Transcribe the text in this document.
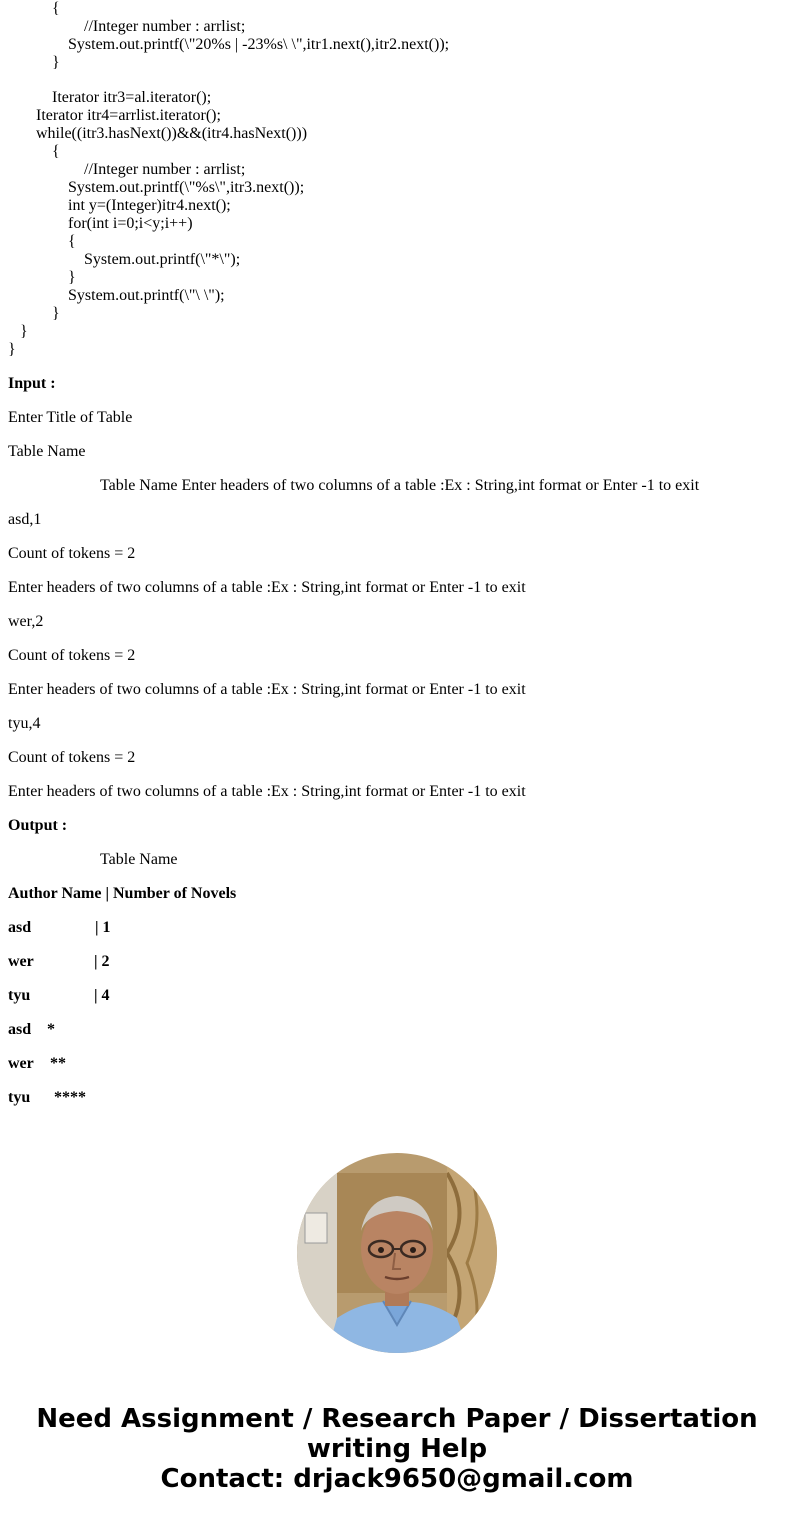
{
//Integer number : arrlist;
System.out.printf(\"20%s | -23%s\ \",itr1.next(),itr2.next());
}
Iterator itr3=al.iterator();
Iterator itr4=arrlist.iterator();
while((itr3.hasNext())&&(itr4.hasNext()))
{
//Integer number : arrlist;
System.out.printf(\"%s\",itr3.next());
int y=(Integer)itr4.next();
for(int i=0;i<y;i++)
{
System.out.printf(\"*\");
}
System.out.printf(\"\ \");
}
}
}
Input :
Enter Title of Table
Table Name
Table Name Enter headers of two columns of a table :Ex : String,int format or Enter -1 to exit
asd,1
Count of tokens = 2
Enter headers of two columns of a table :Ex : String,int format or Enter -1 to exit
wer,2
Count of tokens = 2
Enter headers of two columns of a table :Ex : String,int format or Enter -1 to exit
tyu,4
Count of tokens = 2
Enter headers of two columns of a table :Ex : String,int format or Enter -1 to exit
Output :
Table Name
Author Name | Number of Novels
asd	| 1
wer	| 2
tyu	| 4
asd *
wer **
tyu ****
Need Assignment / Research Paper / Dissertation
writing Help
Contact: drjack9650@gmail.com
